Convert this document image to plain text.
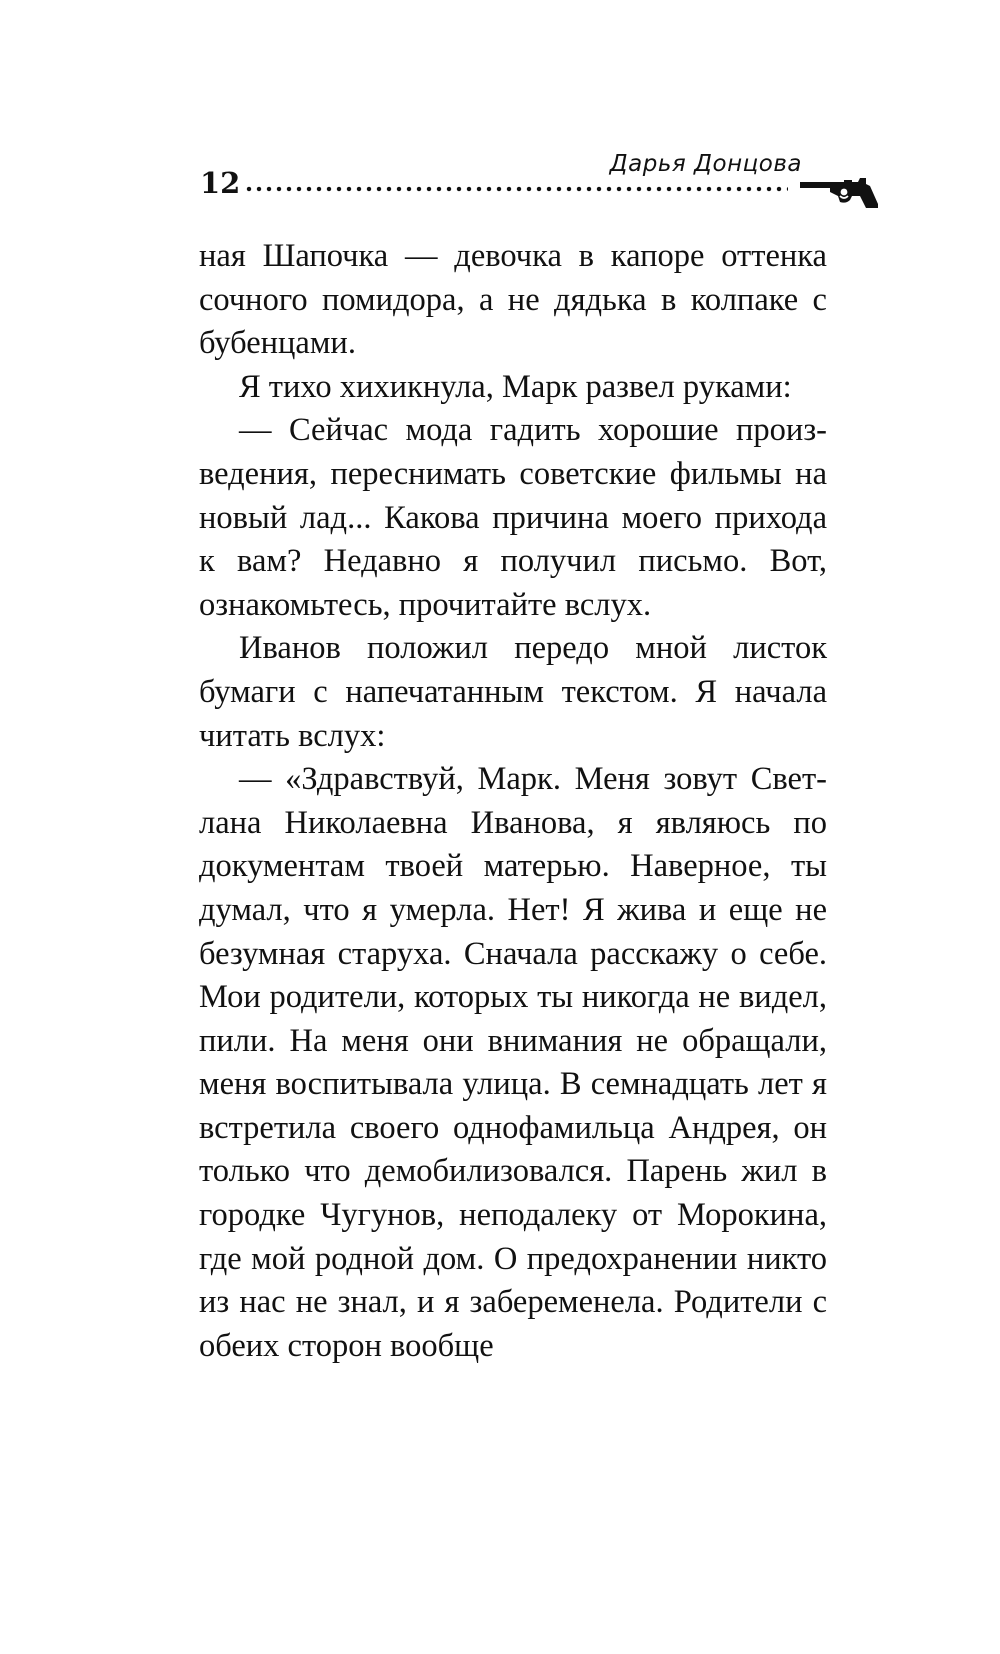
12
Дарья Донцова

ная Шапочка — девочка в капоре оттенка сочного помидора, а не дядька в колпаке с бубенцами.

Я тихо хихикнула, Марк развел руками:

— Сейчас мода гадить хорошие произведения, переснимать советские фильмы на новый лад... Какова причина моего прихода к вам? Недавно я получил письмо. Вот, ознакомьтесь, прочитайте вслух.

Иванов положил передо мной листок бумаги с напечатанным текстом. Я начала читать вслух:

— «Здравствуй, Марк. Меня зовут Светлана Николаевна Иванова, я являюсь по документам твоей матерью. Наверное, ты думал, что я умерла. Нет! Я жива и еще не безумная старуха. Сначала расскажу о себе. Мои родители, которых ты никогда не видел, пили. На меня они внимания не обращали, меня воспитывала улица. В семнадцать лет я встретила своего однофамильца Андрея, он только что демобилизовался. Парень жил в городке Чугунов, неподалеку от Морокина, где мой родной дом. О предохранении никто из нас не знал, и я забеременела. Родители с обеих сторон вообще
